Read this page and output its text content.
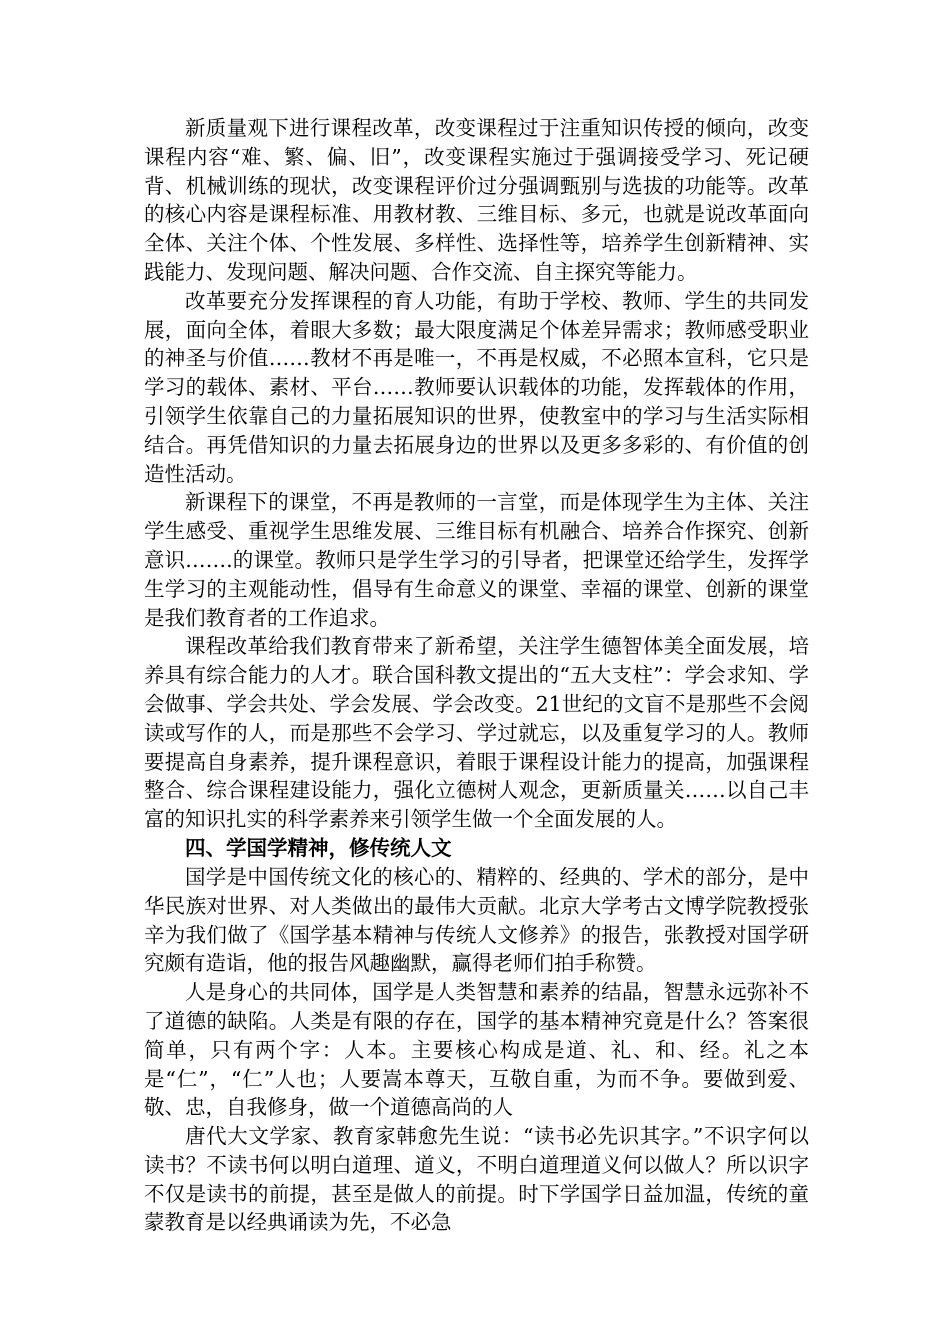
新质量观下进行课程改革，改变课程过于注重知识传授的倾向，改变课程内容“难、繁、偏、旧”，改变课程实施过于强调接受学习、死记硬背、机械训练的现状，改变课程评价过分强调甄别与选拔的功能等。改革的核心内容是课程标准、用教材教、三维目标、多元，也就是说改革面向全体、关注个体、个性发展、多样性、选择性等，培养学生创新精神、实践能力、发现问题、解决问题、合作交流、自主探究等能力。

改革要充分发挥课程的育人功能，有助于学校、教师、学生的共同发展，面向全体，着眼大多数；最大限度满足个体差异需求；教师感受职业的神圣与价值……教材不再是唯一，不再是权威，不必照本宣科，它只是学习的载体、素材、平台……教师要认识载体的功能，发挥载体的作用，引领学生依靠自己的力量拓展知识的世界，使教室中的学习与生活实际相结合。再凭借知识的力量去拓展身边的世界以及更多多彩的、有价值的创造性活动。

新课程下的课堂，不再是教师的一言堂，而是体现学生为主体、关注学生感受、重视学生思维发展、三维目标有机融合、培养合作探究、创新意识…….的课堂。教师只是学生学习的引导者，把课堂还给学生，发挥学生学习的主观能动性，倡导有生命意义的课堂、幸福的课堂、创新的课堂是我们教育者的工作追求。

课程改革给我们教育带来了新希望，关注学生德智体美全面发展，培养具有综合能力的人才。联合国科教文提出的“五大支柱”：学会求知、学会做事、学会共处、学会发展、学会改变。21世纪的文盲不是那些不会阅读或写作的人，而是那些不会学习、学过就忘，以及重复学习的人。教师要提高自身素养，提升课程意识，着眼于课程设计能力的提高，加强课程整合、综合课程建设能力，强化立德树人观念，更新质量关……以自己丰富的知识扎实的科学素养来引领学生做一个全面发展的人。

四、学国学精神，修传统人文

国学是中国传统文化的核心的、精粹的、经典的、学术的部分，是中华民族对世界、对人类做出的最伟大贡献。北京大学考古文博学院教授张辛为我们做了《国学基本精神与传统人文修养》的报告，张教授对国学研究颇有造诣，他的报告风趣幽默，赢得老师们拍手称赞。

人是身心的共同体，国学是人类智慧和素养的结晶，智慧永远弥补不了道德的缺陷。人类是有限的存在，国学的基本精神究竟是什么？答案很简单，只有两个字：人本。主要核心构成是道、礼、和、经。礼之本是“仁”，“仁”人也；人要嵩本尊天，互敬自重，为而不争。要做到爱、敬、忠，自我修身，做一个道德高尚的人

唐代大文学家、教育家韩愈先生说：“读书必先识其字。”不识字何以读书？不读书何以明白道理、道义，不明白道理道义何以做人？所以识字不仅是读书的前提，甚至是做人的前提。时下学国学日益加温，传统的童蒙教育是以经典诵读为先，不必急
